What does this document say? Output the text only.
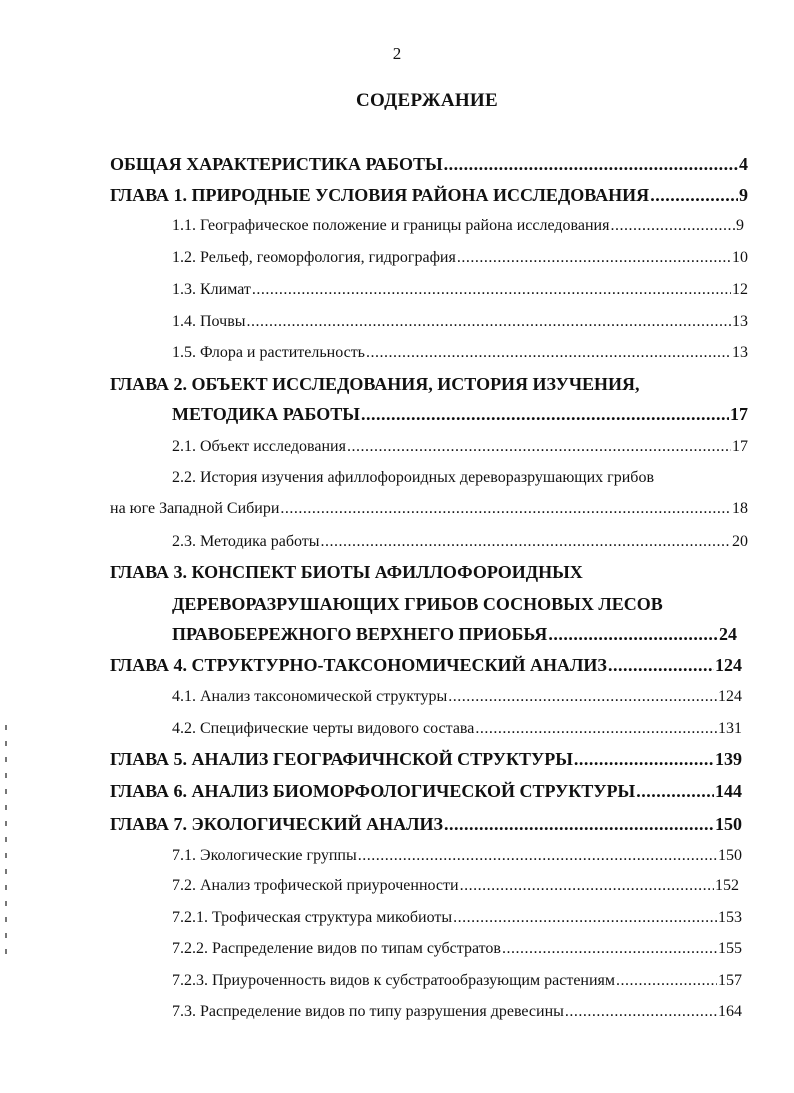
2
СОДЕРЖАНИЕ
ОБЩАЯ ХАРАКТЕРИСТИКА РАБОТЫ .....	4
ГЛАВА 1. ПРИРОДНЫЕ УСЛОВИЯ РАЙОНА ИССЛЕДОВАНИЯ .....	9
1.1. Географическое положение и границы района исследования .....	9
1.2. Рельеф, геоморфология, гидрография .....	10
1.3. Климат .....	12
1.4. Почвы .....	13
1.5. Флора и растительность .....	13
ГЛАВА 2. ОБЪЕКТ ИССЛЕДОВАНИЯ, ИСТОРИЯ ИЗУЧЕНИЯ,
МЕТОДИКА РАБОТЫ .....	17
2.1. Объект исследования .....	17
2.2. История изучения афиллофороидных дереворазрушающих грибов
на юге Западной Сибири .....	18
2.3. Методика работы .....	20
ГЛАВА 3. КОНСПЕКТ БИОТЫ АФИЛЛОФОРОИДНЫХ
ДЕРЕВОРАЗРУШАЮЩИХ ГРИБОВ СОСНОВЫХ ЛЕСОВ
ПРАВОБЕРЕЖНОГО ВЕРХНЕГО ПРИОБЬЯ .....	24
ГЛАВА 4. СТРУКТУРНО-ТАКСОНОМИЧЕСКИЙ АНАЛИЗ .....	124
4.1. Анализ таксономической структуры .....	124
4.2. Специфические черты видового состава .....	131
ГЛАВА 5. АНАЛИЗ ГЕОГРАФИЧНСКОЙ СТРУКТУРЫ .....	139
ГЛАВА 6. АНАЛИЗ БИОМОРФОЛОГИЧЕСКОЙ СТРУКТУРЫ .....	144
ГЛАВА 7. ЭКОЛОГИЧЕСКИЙ АНАЛИЗ .....	150
7.1. Экологические группы .....	150
7.2. Анализ трофической приуроченности .....	152
7.2.1. Трофическая структура микобиоты .....	153
7.2.2. Распределение видов по типам субстратов .....	155
7.2.3. Приуроченность видов к субстратообразующим растениям .....	157
7.3. Распределение видов по типу разрушения древесины .....	164
